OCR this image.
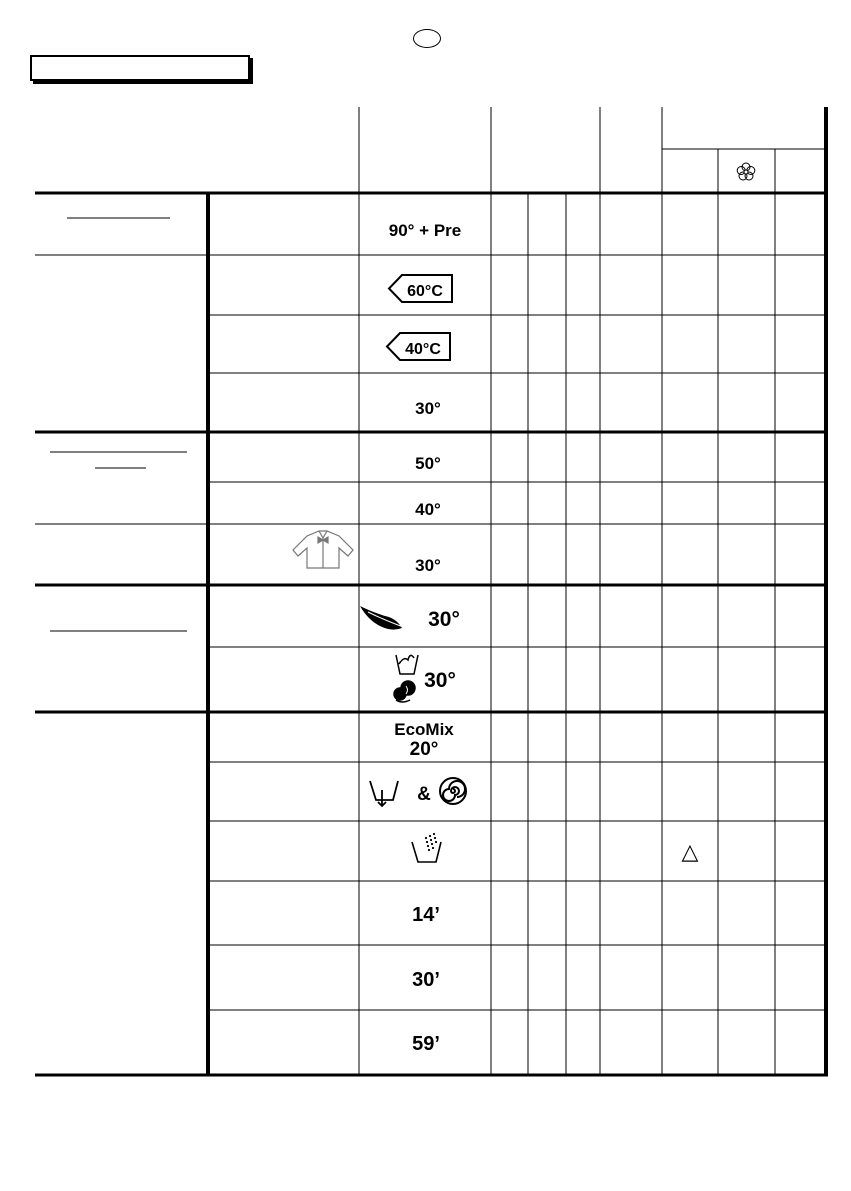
90° + Pre
60°C
40°C
30°
50°
40°
30°
30°
30°
EcoMix
20°
&
△
14’
30’
59’
